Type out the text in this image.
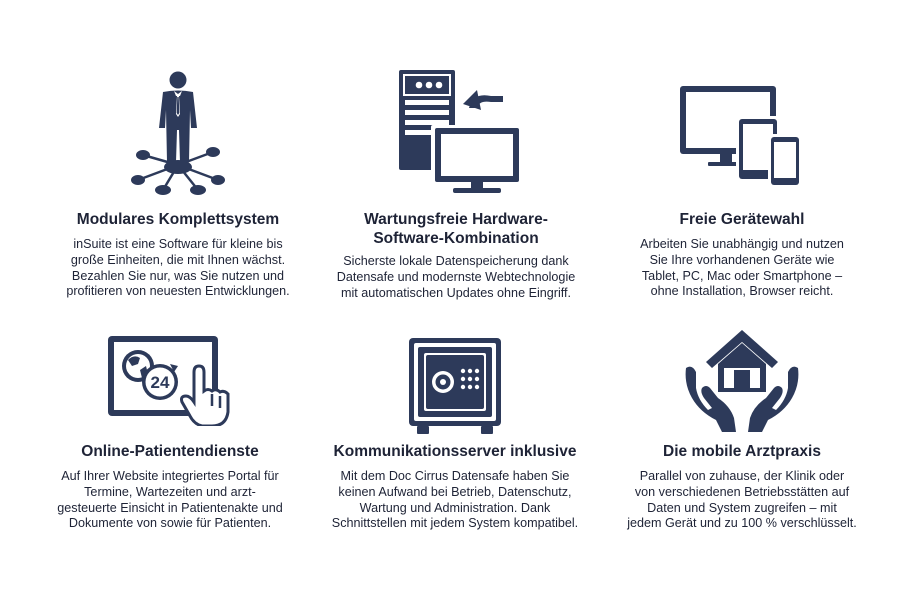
Modulares Komplettsystem

inSuite ist eine Software für kleine bis
große Einheiten, die mit Ihnen wächst.
Bezahlen Sie nur, was Sie nutzen und
profitieren von neuesten Entwicklungen.

Wartungsfreie Hardware-
Software-Kombination

Sicherste lokale Datenspeicherung dank
Datensafe und modernste Webtechnologie
mit automatischen Updates ohne Eingriff.

Freie Gerätewahl

Arbeiten Sie unabhängig und nutzen
Sie Ihre vorhandenen Geräte wie
Tablet, PC, Mac oder Smartphone –
ohne Installation, Browser reicht.

24
Online-Patientendienste

Auf Ihrer Website integriertes Portal für
Termine, Wartezeiten und arzt-
gesteuerte Einsicht in Patientenakte und
Dokumente von sowie für Patienten.

Kommunikationsserver inklusive

Mit dem Doc Cirrus Datensafe haben Sie
keinen Aufwand bei Betrieb, Datenschutz,
Wartung und Administration. Dank
Schnittstellen mit jedem System kompatibel.

Die mobile Arztpraxis

Parallel von zuhause, der Klinik oder
von verschiedenen Betriebsstätten auf
Daten und System zugreifen – mit
jedem Gerät und zu 100 % verschlüsselt.
